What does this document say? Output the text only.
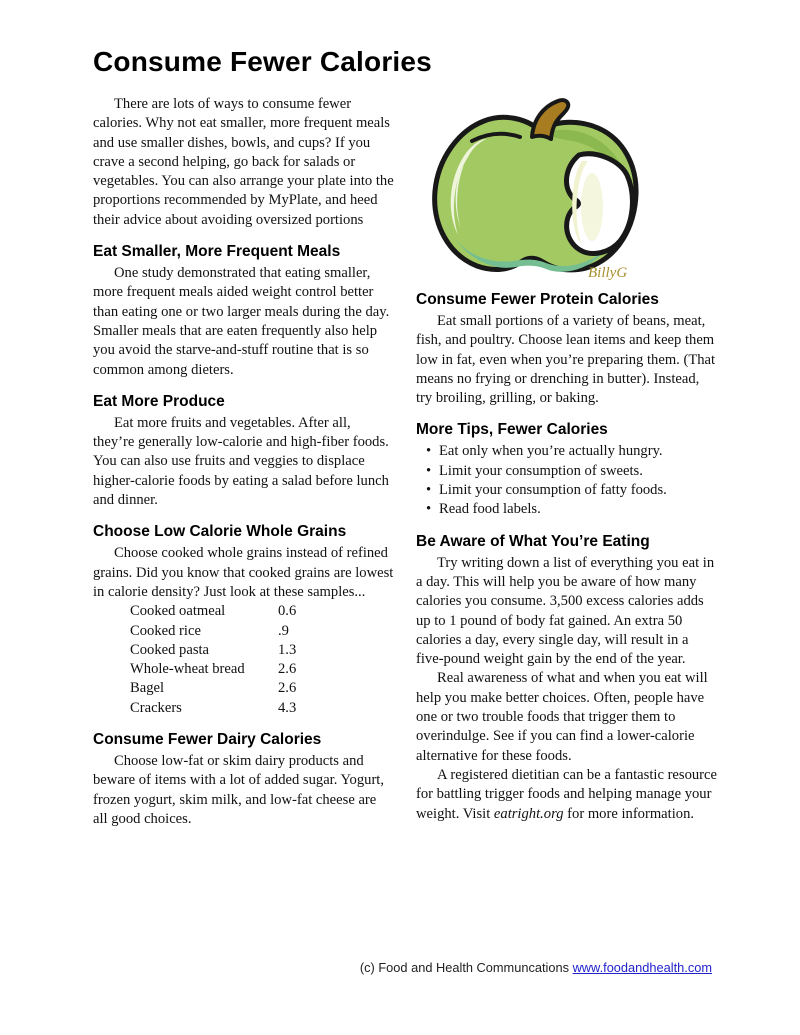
Consume Fewer Calories

There are lots of ways to consume fewer calories. Why not eat smaller, more frequent meals and use smaller dishes, bowls, and cups? If you crave a second helping, go back for salads or vegetables. You can also arrange your plate into the proportions recommended by MyPlate, and heed their advice about avoiding oversized portions

Eat Smaller, More Frequent Meals

One study demonstrated that eating smaller, more frequent meals aided weight control better than eating one or two larger meals during the day. Smaller meals that are eaten frequently also help you avoid the starve-and-stuff routine that is so common among dieters.

Eat More Produce

Eat more fruits and vegetables. After all, they’re generally low-calorie and high-fiber foods. You can also use fruits and veggies to displace higher-calorie foods by eating a salad before lunch and dinner.

Choose Low Calorie Whole Grains

Choose cooked whole grains instead of refined grains. Did you know that cooked grains are lowest in calorie density? Just look at these samples...

Cooked oatmeal	0.6
Cooked rice	.9
Cooked pasta	1.3
Whole-wheat bread	2.6
Bagel	2.6
Crackers	4.3
Consume Fewer Dairy Calories

Choose low-fat or skim dairy products and beware of items with a lot of added sugar. Yogurt, frozen yogurt, skim milk, and low-fat cheese are all good choices.

BillyG
Consume Fewer Protein Calories

Eat small portions of a variety of beans, meat, fish, and poultry. Choose lean items and keep them low in fat, even when you’re preparing them. (That means no frying or drenching in butter). Instead, try broiling, grilling, or baking.

More Tips, Fewer Calories
• Eat only when you’re actually hungry.
• Limit your consumption of sweets.
• Limit your consumption of fatty foods.
• Read food labels.
Be Aware of What You’re Eating

Try writing down a list of everything you eat in a day. This will help you be aware of how many calories you consume. 3,500 excess calories adds up to 1 pound of body fat gained. An extra 50 calories a day, every single day, will result in a five-pound weight gain by the end of the year.

Real awareness of what and when you eat will help you make better choices. Often, people have one or two trouble foods that trigger them to overindulge. See if you can find a lower-calorie alternative for these foods.

A registered dietitian can be a fantastic resource for battling trigger foods and helping manage your weight. Visit eatright.org for more information.

(c) Food and Health Communcations www.foodandhealth.com
